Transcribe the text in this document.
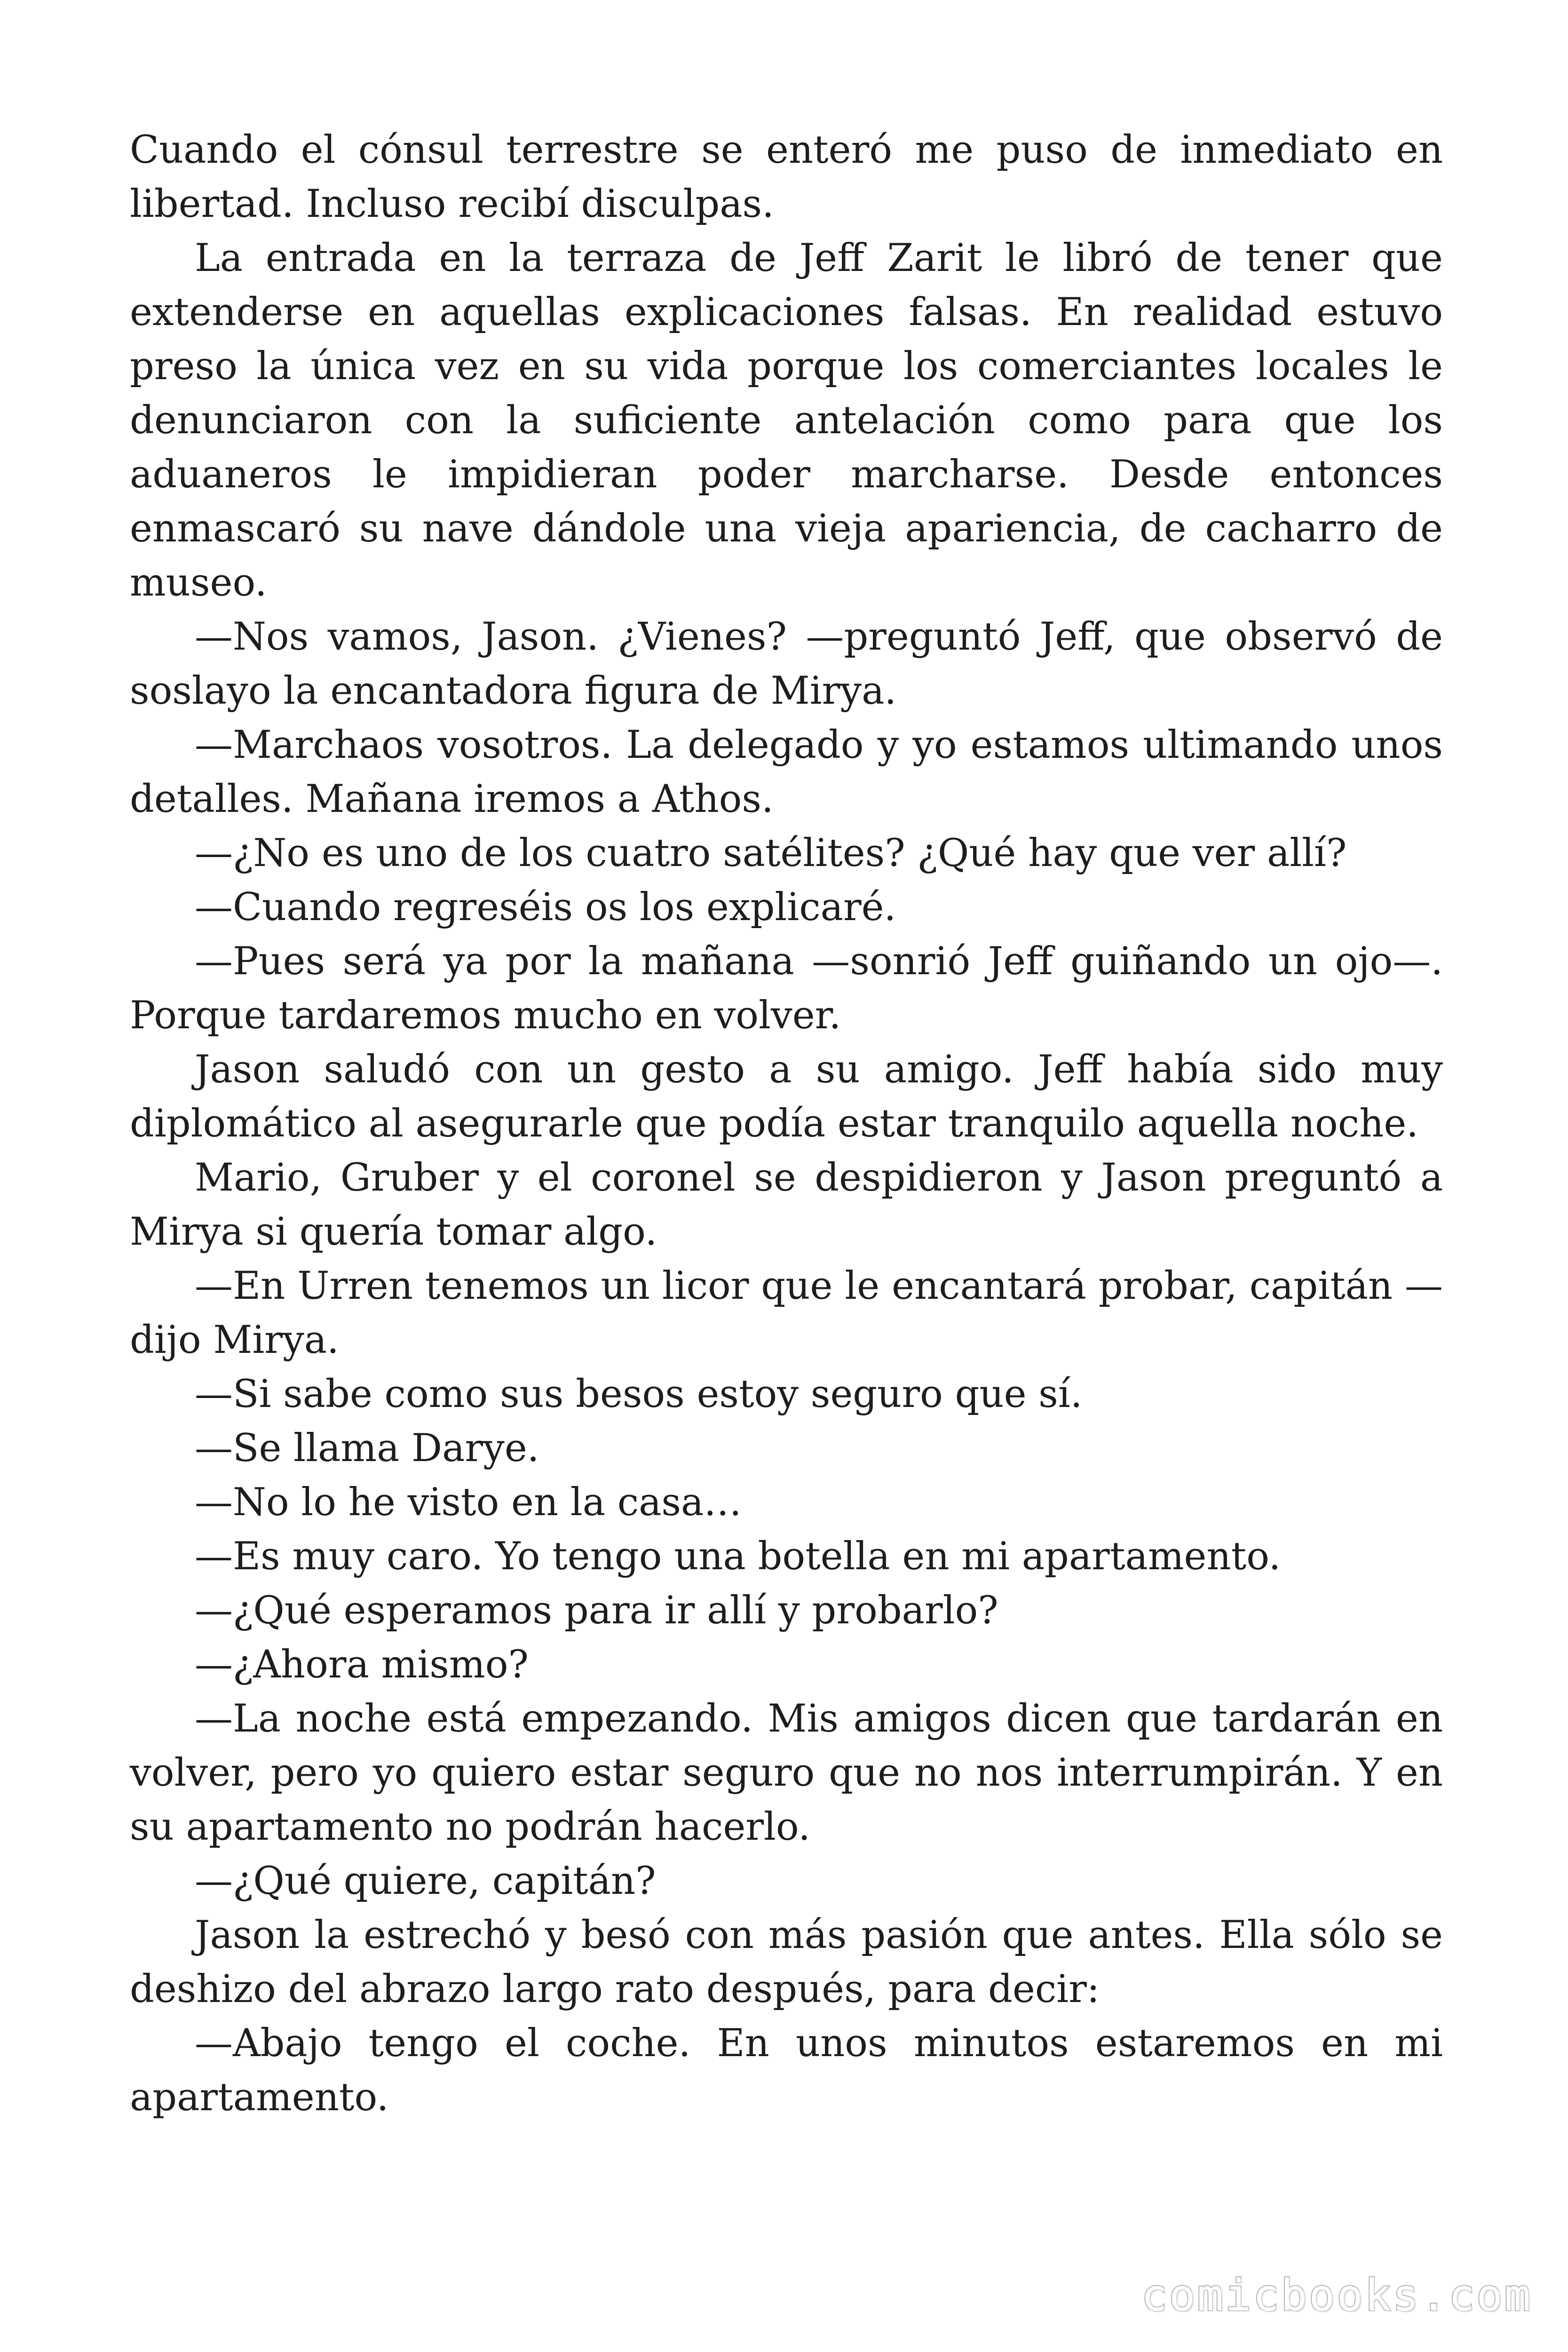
Cuando el cónsul terrestre se enteró me puso de inmediato en libertad. Incluso recibí disculpas.

La entrada en la terraza de Jeff Zarit le libró de tener que extenderse en aquellas explicaciones falsas. En realidad estuvo preso la única vez en su vida porque los comerciantes locales le denunciaron con la suficiente antelación como para que los aduaneros le impidieran poder marcharse. Desde entonces enmascaró su nave dándole una vieja apariencia, de cacharro de museo.

—Nos vamos, Jason. ¿Vienes? —preguntó Jeff, que observó de soslayo la encantadora figura de Mirya.

—Marchaos vosotros. La delegado y yo estamos ultimando unos detalles. Mañana iremos a Athos.

—¿No es uno de los cuatro satélites? ¿Qué hay que ver allí?

—Cuando regreséis os los explicaré.

—Pues será ya por la mañana —sonrió Jeff guiñando un ojo—. Porque tardaremos mucho en volver.

Jason saludó con un gesto a su amigo. Jeff había sido muy diplomático al asegurarle que podía estar tranquilo aquella noche.

Mario, Gruber y el coronel se despidieron y Jason preguntó a Mirya si quería tomar algo.

—En Urren tenemos un licor que le encantará probar, capitán —dijo Mirya.

—Si sabe como sus besos estoy seguro que sí.

—Se llama Darye.

—No lo he visto en la casa…

—Es muy caro. Yo tengo una botella en mi apartamento.

—¿Qué esperamos para ir allí y probarlo?

—¿Ahora mismo?

—La noche está empezando. Mis amigos dicen que tardarán en volver, pero yo quiero estar seguro que no nos interrumpirán. Y en su apartamento no podrán hacerlo.

—¿Qué quiere, capitán?

Jason la estrechó y besó con más pasión que antes. Ella sólo se deshizo del abrazo largo rato después, para decir:

—Abajo tengo el coche. En unos minutos estaremos en mi apartamento.

comicbooks.com
